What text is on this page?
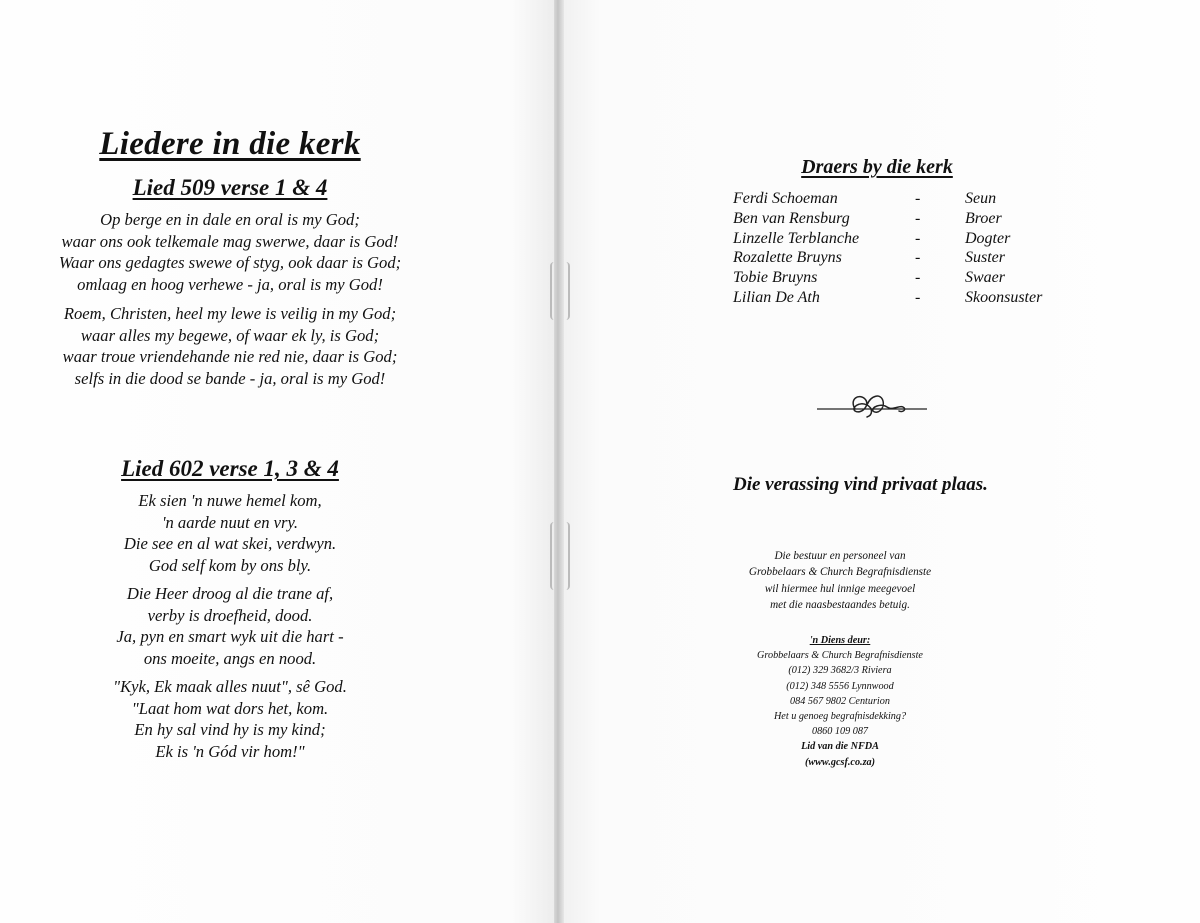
Liedere in die kerk
Lied 509 verse 1 & 4
Op berge en in dale en oral is my God;
waar ons ook telkemale mag swerwe, daar is God!
Waar ons gedagtes swewe of styg, ook daar is God;
omlaag en hoog verhewe - ja, oral is my God!
Roem, Christen, heel my lewe is veilig in my God;
waar alles my begewe, of waar ek ly, is God;
waar troue vriendehande nie red nie, daar is God;
selfs in die dood se bande - ja, oral is my God!
Lied 602 verse 1, 3 & 4
Ek sien 'n nuwe hemel kom,
'n aarde nuut en vry.
Die see en al wat skei, verdwyn.
God self kom by ons bly.
Die Heer droog al die trane af,
verby is droefheid, dood.
Ja, pyn en smart wyk uit die hart -
ons moeite, angs en nood.
"Kyk, Ek maak alles nuut", sê God.
"Laat hom wat dors het, kom.
En hy sal vind hy is my kind;
Ek is 'n Gód vir hom!"
Draers by die kerk
Ferdi Schoeman	-	Seun
Ben van Rensburg	-	Broer
Linzelle Terblanche	-	Dogter
Rozalette Bruyns	-	Suster
Tobie Bruyns	-	Swaer
Lilian De Ath	-	Skoonsuster
Die verassing vind privaat plaas.
Die bestuur en personeel van
Grobbelaars & Church Begrafnisdienste
wil hiermee hul innige meegevoel
met die naasbestaandes betuig.
'n Diens deur:
Grobbelaars & Church Begrafnisdienste
(012) 329 3682/3 Riviera
(012) 348 5556 Lynnwood
084 567 9802 Centurion
Het u genoeg begrafnisdekking?
0860 109 087
Lid van die NFDA
(www.gcsf.co.za)
